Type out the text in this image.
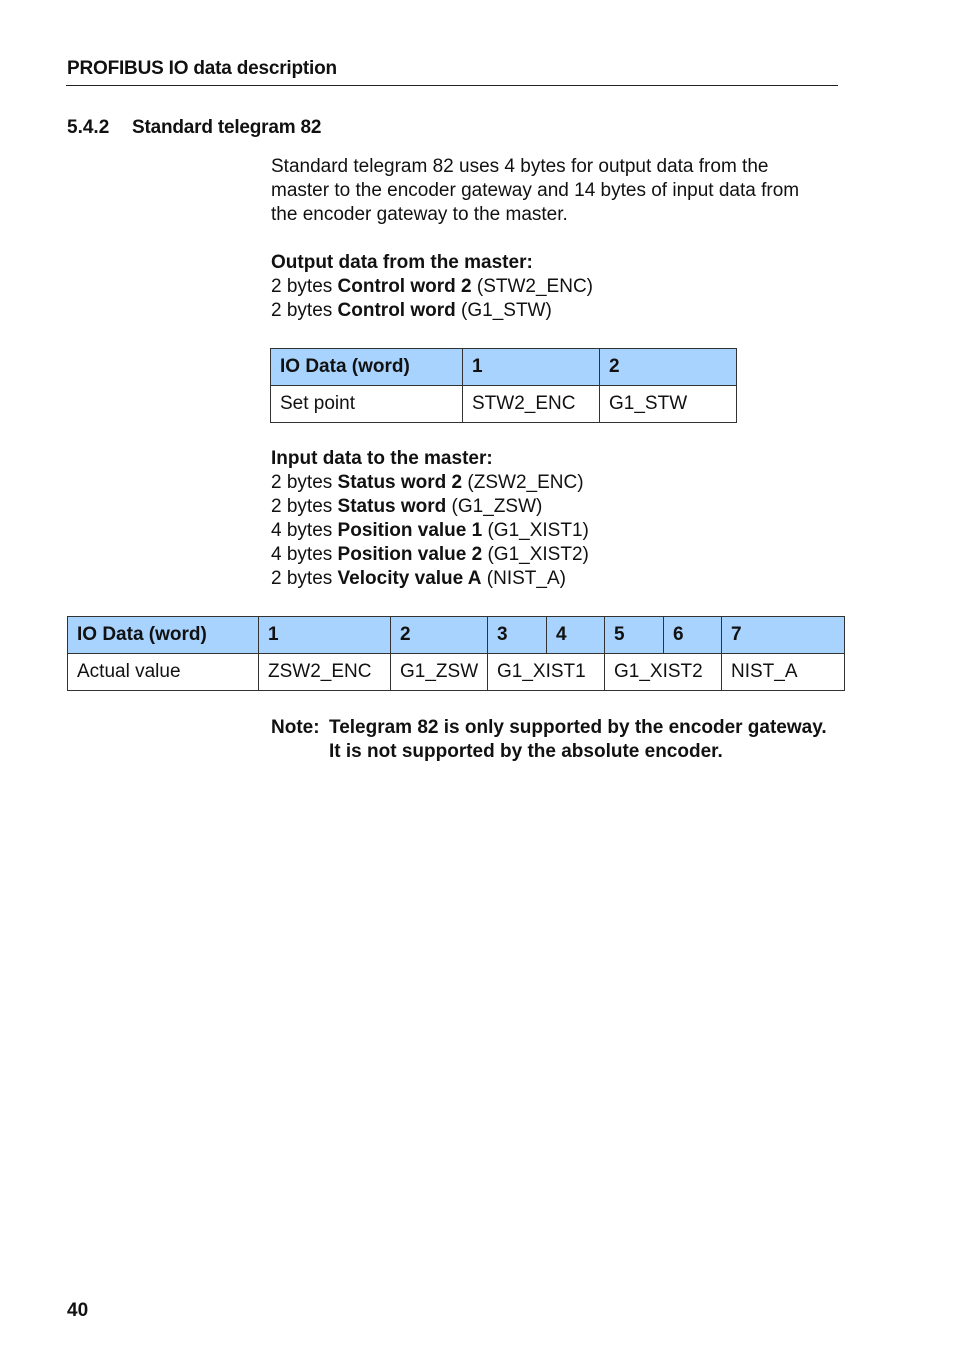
PROFIBUS IO data description
5.4.2 Standard telegram 82
Standard telegram 82 uses 4 bytes for output data from the
master to the encoder gateway and 14 bytes of input data from
the encoder gateway to the master.
Output data from the master:
2 bytes Control word 2 (STW2_ENC)
2 bytes Control word (G1_STW)
IO Data (word)	1	2
Set point	STW2_ENC	G1_STW
Input data to the master:
2 bytes Status word 2 (ZSW2_ENC)
2 bytes Status word (G1_ZSW)
4 bytes Position value 1 (G1_XIST1)
4 bytes Position value 2 (G1_XIST2)
2 bytes Velocity value A (NIST_A)
IO Data (word)	1	2	3	4	5	6	7
Actual value	ZSW2_ENC	G1_ZSW	G1_XIST1		G1_XIST2		NIST_A
Note: Telegram 82 is only supported by the encoder gateway.
It is not supported by the absolute encoder.
40
